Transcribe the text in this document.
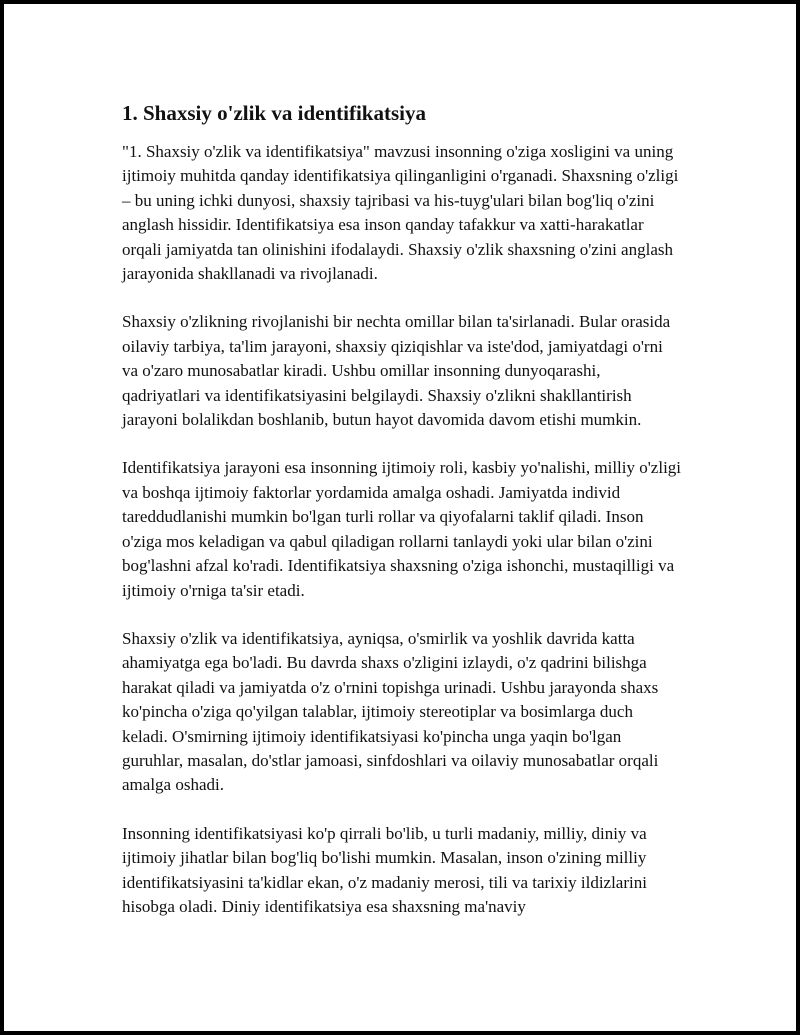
1. Shaxsiy o'zlik va identifikatsiya

"1. Shaxsiy o'zlik va identifikatsiya" mavzusi insonning o'ziga xosligini va uning ijtimoiy muhitda qanday identifikatsiya qilinganligini o'rganadi. Shaxsning o'zligi – bu uning ichki dunyosi, shaxsiy tajribasi va his-tuyg'ulari bilan bog'liq o'zini anglash hissidir. Identifikatsiya esa inson qanday tafakkur va xatti-harakatlar orqali jamiyatda tan olinishini ifodalaydi. Shaxsiy o'zlik shaxsning o'zini anglash jarayonida shakllanadi va rivojlanadi.

Shaxsiy o'zlikning rivojlanishi bir nechta omillar bilan ta'sirlanadi. Bular orasida oilaviy tarbiya, ta'lim jarayoni, shaxsiy qiziqishlar va iste'dod, jamiyatdagi o'rni va o'zaro munosabatlar kiradi. Ushbu omillar insonning dunyoqarashi, qadriyatlari va identifikatsiyasini belgilaydi. Shaxsiy o'zlikni shakllantirish jarayoni bolalikdan boshlanib, butun hayot davomida davom etishi mumkin.

Identifikatsiya jarayoni esa insonning ijtimoiy roli, kasbiy yo'nalishi, milliy o'zligi va boshqa ijtimoiy faktorlar yordamida amalga oshadi. Jamiyatda individ tareddudlanishi mumkin bo'lgan turli rollar va qiyofalarni taklif qiladi. Inson o'ziga mos keladigan va qabul qiladigan rollarni tanlaydi yoki ular bilan o'zini bog'lashni afzal ko'radi. Identifikatsiya shaxsning o'ziga ishonchi, mustaqilligi va ijtimoiy o'rniga ta'sir etadi.

Shaxsiy o'zlik va identifikatsiya, ayniqsa, o'smirlik va yoshlik davrida katta ahamiyatga ega bo'ladi. Bu davrda shaxs o'zligini izlaydi, o'z qadrini bilishga harakat qiladi va jamiyatda o'z o'rnini topishga urinadi. Ushbu jarayonda shaxs ko'pincha o'ziga qo'yilgan talablar, ijtimoiy stereotiplar va bosimlarga duch keladi. O'smirning ijtimoiy identifikatsiyasi ko'pincha unga yaqin bo'lgan guruhlar, masalan, do'stlar jamoasi, sinfdoshlari va oilaviy munosabatlar orqali amalga oshadi.

Insonning identifikatsiyasi ko'p qirrali bo'lib, u turli madaniy, milliy, diniy va ijtimoiy jihatlar bilan bog'liq bo'lishi mumkin. Masalan, inson o'zining milliy identifikatsiyasini ta'kidlar ekan, o'z madaniy merosi, tili va tarixiy ildizlarini hisobga oladi. Diniy identifikatsiya esa shaxsning ma'naviy
